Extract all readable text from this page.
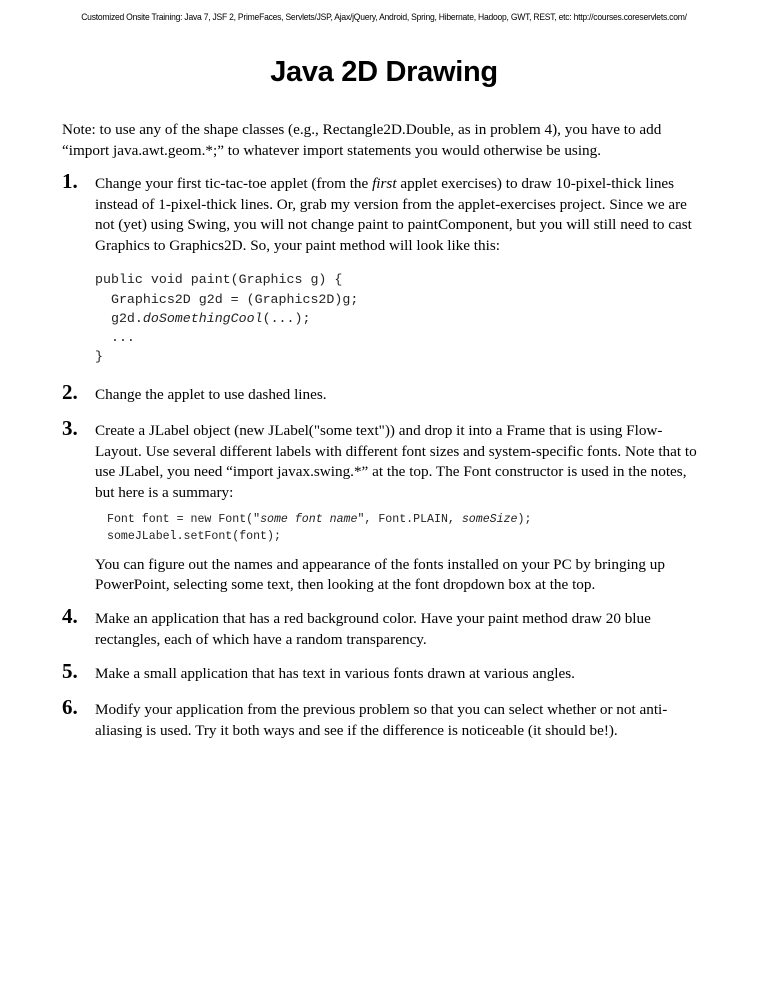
Customized Onsite Training: Java 7, JSF 2, PrimeFaces, Servlets/JSP, Ajax/jQuery, Android, Spring, Hibernate, Hadoop, GWT, REST, etc: http://courses.coreservlets.com/
Java 2D Drawing
Note: to use any of the shape classes (e.g., Rectangle2D.Double, as in problem 4), you have to add
“import java.awt.geom.*;” to whatever import statements you would otherwise be using.
1. Change your first tic-tac-toe applet (from the first applet exercises) to draw 10-pixel-thick lines instead of 1-pixel-thick lines. Or, grab my version from the applet-exercises project. Since we are not (yet) using Swing, you will not change paint to paintComponent, but you will still need to cast Graphics to Graphics2D. So, your paint method will look like this:
public void paint(Graphics g) {
Graphics2D g2d = (Graphics2D)g;
g2d.doSomethingCool(...);
...
}
2. Change the applet to use dashed lines.
3. Create a JLabel object (new JLabel("some text")) and drop it into a Frame that is using Flow-Layout. Use several different labels with different font sizes and system-specific fonts. Note that to use JLabel, you need “import javax.swing.*” at the top. The Font constructor is used in the notes, but here is a summary:
Font font = new Font("some font name", Font.PLAIN, someSize);
someJLabel.setFont(font);
You can figure out the names and appearance of the fonts installed on your PC by bringing up PowerPoint, selecting some text, then looking at the font dropdown box at the top.
4. Make an application that has a red background color. Have your paint method draw 20 blue rectangles, each of which have a random transparency.
5. Make a small application that has text in various fonts drawn at various angles.
6. Modify your application from the previous problem so that you can select whether or not anti-aliasing is used. Try it both ways and see if the difference is noticeable (it should be!).
